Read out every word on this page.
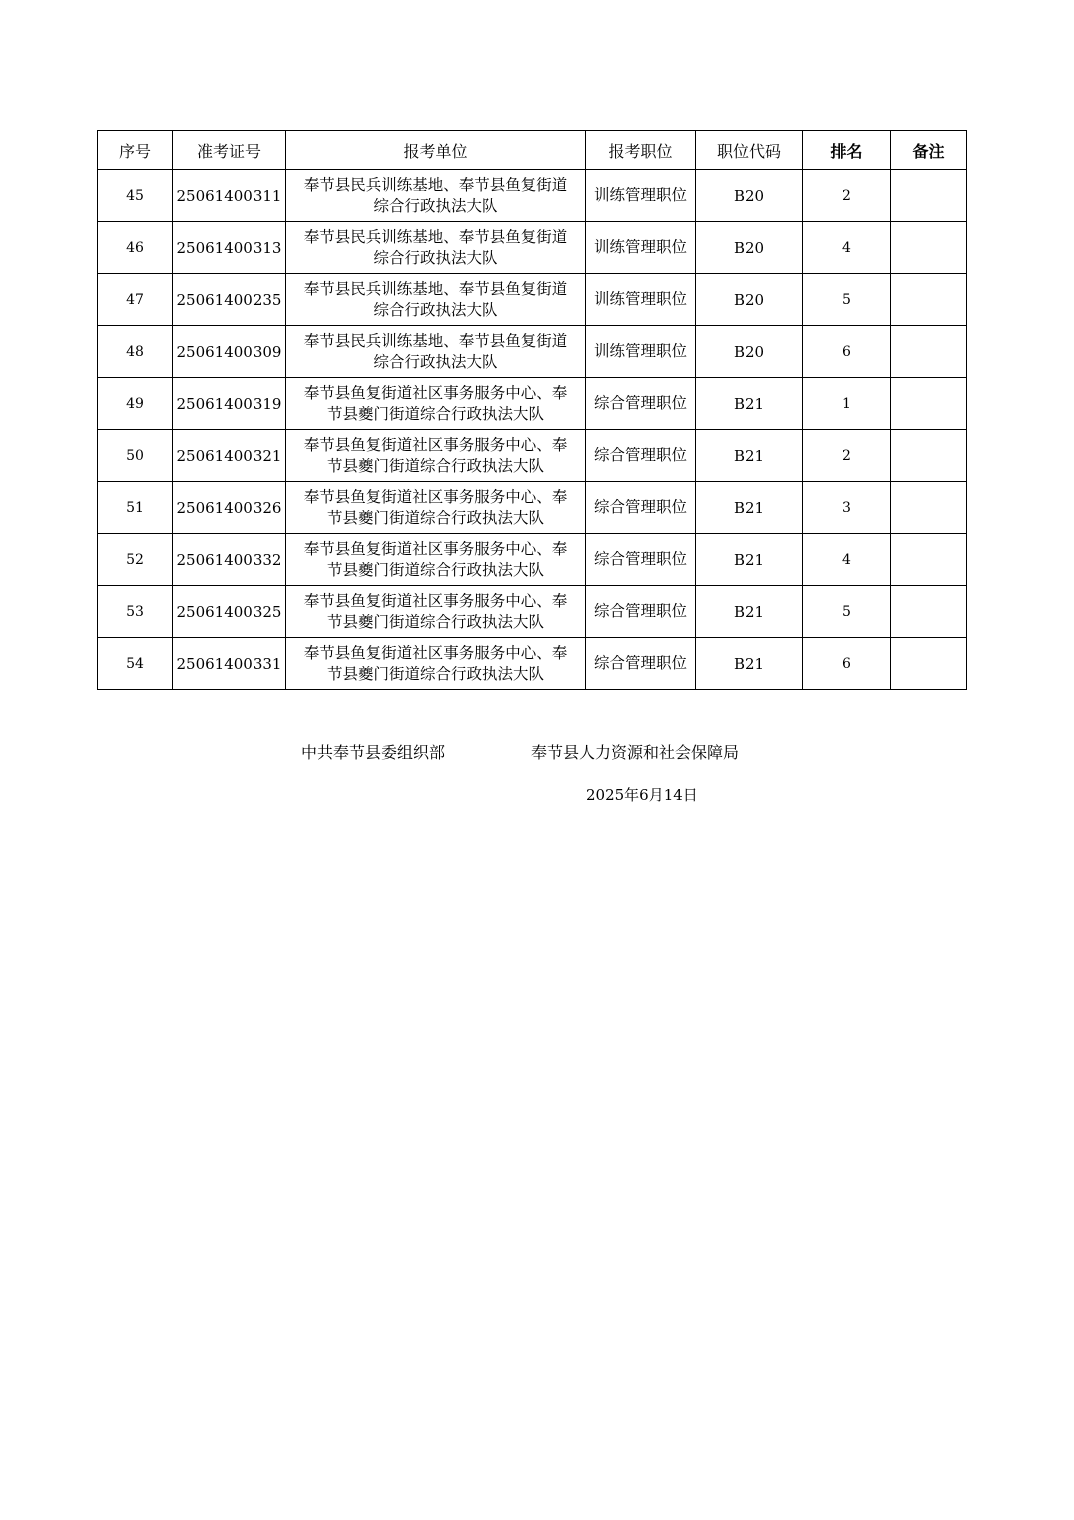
序号	准考证号	报考单位	报考职位	职位代码	排名	备注
45	25061400311	奉节县民兵训练基地、奉节县鱼复街道
综合行政执法大队	训练管理职位	B20	2	
46	25061400313	奉节县民兵训练基地、奉节县鱼复街道
综合行政执法大队	训练管理职位	B20	4	
47	25061400235	奉节县民兵训练基地、奉节县鱼复街道
综合行政执法大队	训练管理职位	B20	5	
48	25061400309	奉节县民兵训练基地、奉节县鱼复街道
综合行政执法大队	训练管理职位	B20	6	
49	25061400319	奉节县鱼复街道社区事务服务中心、奉
节县夔门街道综合行政执法大队	综合管理职位	B21	1	
50	25061400321	奉节县鱼复街道社区事务服务中心、奉
节县夔门街道综合行政执法大队	综合管理职位	B21	2	
51	25061400326	奉节县鱼复街道社区事务服务中心、奉
节县夔门街道综合行政执法大队	综合管理职位	B21	3	
52	25061400332	奉节县鱼复街道社区事务服务中心、奉
节县夔门街道综合行政执法大队	综合管理职位	B21	4	
53	25061400325	奉节县鱼复街道社区事务服务中心、奉
节县夔门街道综合行政执法大队	综合管理职位	B21	5	
54	25061400331	奉节县鱼复街道社区事务服务中心、奉
节县夔门街道综合行政执法大队	综合管理职位	B21	6	
中共奉节县委组织部	奉节县人力资源和社会保障局
2025年6月14日
